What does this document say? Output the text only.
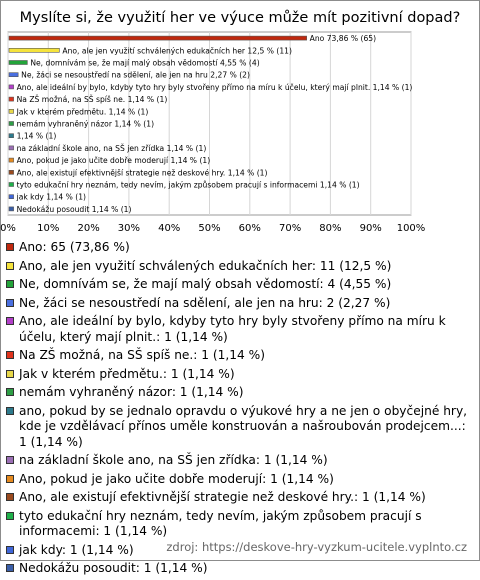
Myslíte si, že využití her ve výuce může mít pozitivní dopad?
0% 10% 20% 30% 40% 50% 60% 70% 80% 90% 100%
Ano 73,86 % (65)
Ano, ale jen využití schválených edukačních her 12,5 % (11)
Ne, domnívám se, že mají malý obsah vědomostí 4,55 % (4)
Ne, žáci se nesoustředí na sdělení, ale jen na hru 2,27 % (2)
Ano, ale ideální by bylo, kdyby tyto hry byly stvořeny přímo na míru k účelu, který mají plnit. 1,14 % (1)
Na ZŠ možná, na SŠ spíš ne. 1,14 % (1)
Jak v kterém předmětu. 1,14 % (1)
nemám vyhraněný názor 1,14 % (1)
1,14 % (1)
na základní škole ano, na SŠ jen zřídka 1,14 % (1)
Ano, pokud je jako učite dobře moderují 1,14 % (1)
Ano, ale existují efektivnější strategie než deskové hry. 1,14 % (1)
tyto edukační hry neznám, tedy nevím, jakým způsobem pracují s informacemi 1,14 % (1)
jak kdy 1,14 % (1)
Nedokážu posoudit 1,14 % (1)
Ano: 65 (73,86 %)
Ano, ale jen využití schválených edukačních her: 11 (12,5 %)
Ne, domnívám se, že mají malý obsah vědomostí: 4 (4,55 %)
Ne, žáci se nesoustředí na sdělení, ale jen na hru: 2 (2,27 %)
Ano, ale ideální by bylo, kdyby tyto hry byly stvořeny přímo na míru k účelu, který mají plnit.: 1 (1,14 %)
Na ZŠ možná, na SŠ spíš ne.: 1 (1,14 %)
Jak v kterém předmětu.: 1 (1,14 %)
nemám vyhraněný názor: 1 (1,14 %)
ano, pokud by se jednalo opravdu o výukové hry a ne jen o obyčejné hry, kde je vzdělávací přínos uměle konstruován a našroubován prodejcem...: 1 (1,14 %)
na základní škole ano, na SŠ jen zřídka: 1 (1,14 %)
Ano, pokud je jako učite dobře moderují: 1 (1,14 %)
Ano, ale existují efektivnější strategie než deskové hry.: 1 (1,14 %)
tyto edukační hry neznám, tedy nevím, jakým způsobem pracují s informacemi: 1 (1,14 %)
jak kdy: 1 (1,14 %)
Nedokážu posoudit: 1 (1,14 %)
zdroj: https://deskove-hry-vyzkum-ucitele.vyplnto.cz
